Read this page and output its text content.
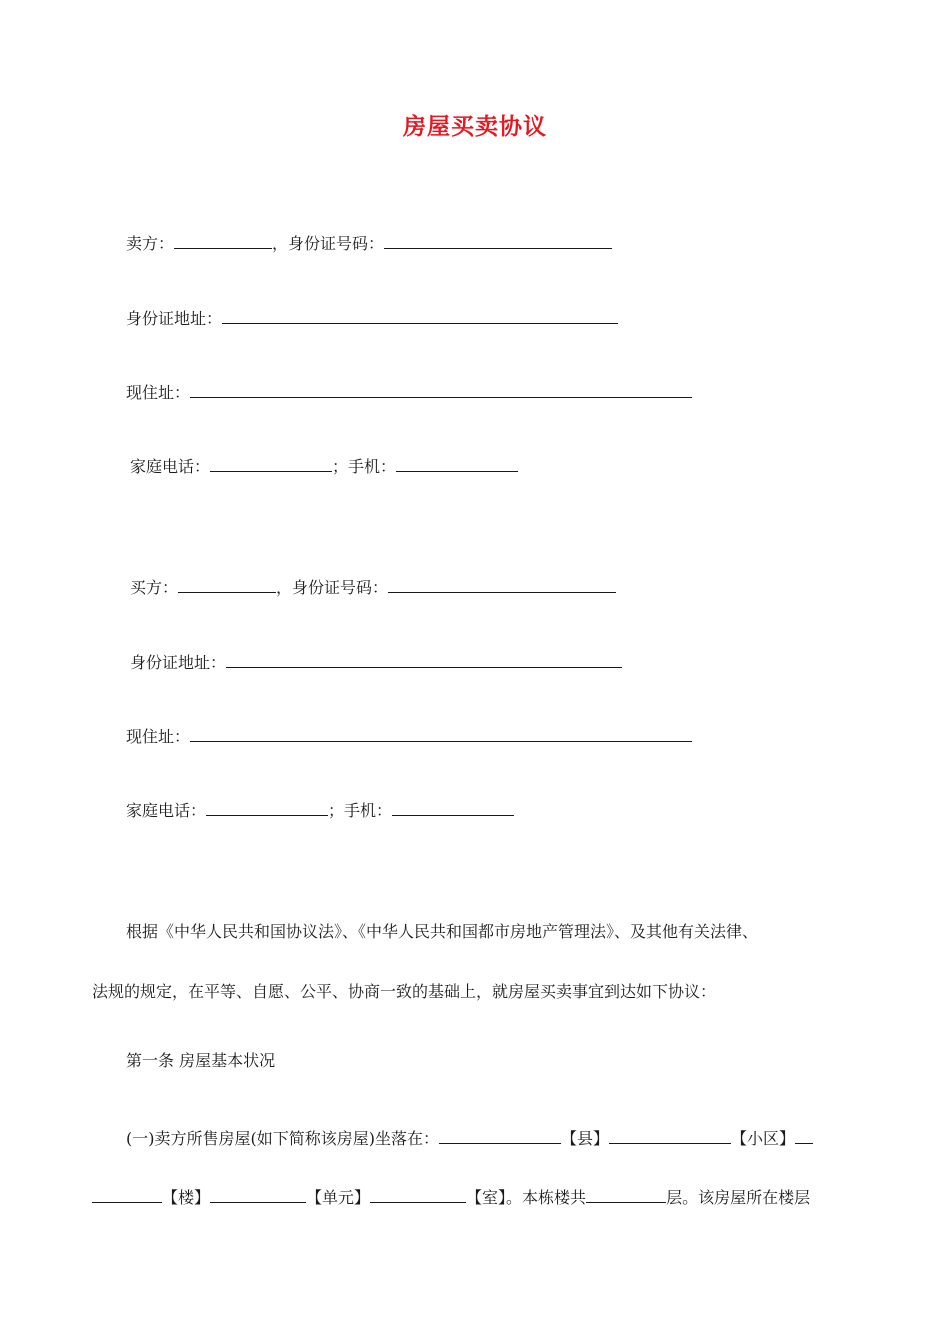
房屋买卖协议
卖方：	，身份证号码：
身份证地址：
现住址：
家庭电话：	；手机：
买方：	，身份证号码：
身份证地址：
现住址：
家庭电话：	；手机：
根据《中华人民共和国协议法》、《中华人民共和国都市房地产管理法》、及其他有关法律、
法规的规定，在平等、自愿、公平、协商一致的基础上，就房屋买卖事宜到达如下协议：
第一条 房屋基本状况
(一)卖方所售房屋(如下简称该房屋)坐落在：	【县】	【小区】
【楼】	【单元】	【室】。本栋楼共	层。该房屋所在楼层
